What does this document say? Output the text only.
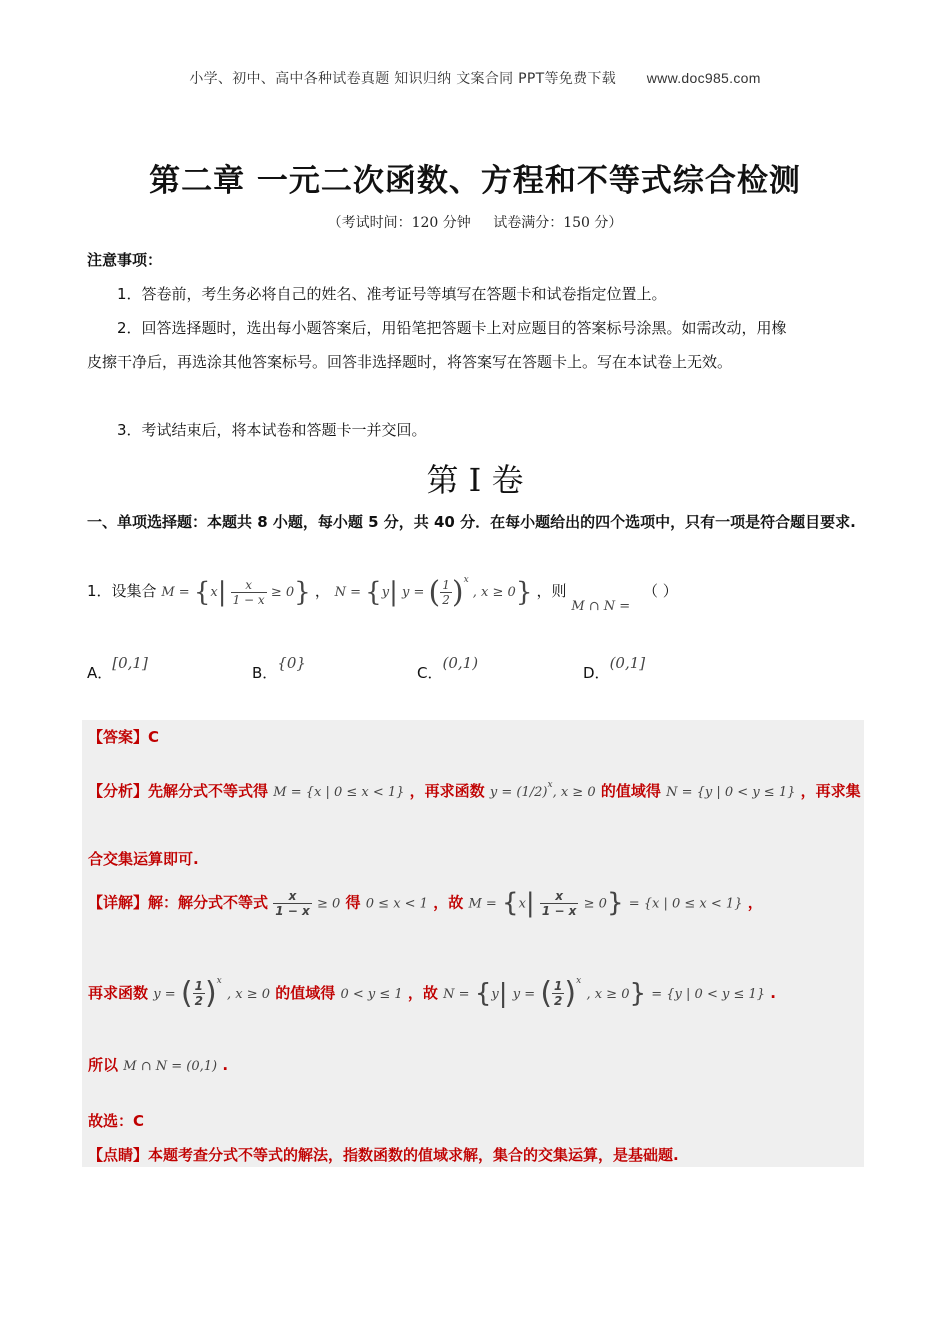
小学、初中、高中各种试卷真题 知识归纳 文案合同 PPT等免费下载 www.doc985.com
第二章 一元二次函数、方程和不等式综合检测
（考试时间：120 分钟 试卷满分：150 分）
注意事项：
1．答卷前，考生务必将自己的姓名、准考证号等填写在答题卡和试卷指定位置上。
2．回答选择题时，选出每小题答案后，用铅笔把答题卡上对应题目的答案标号涂黑。如需改动，用橡皮擦干净后，再选涂其他答案标号。回答非选择题时，将答案写在答题卡上。写在本试卷上无效。
3．考试结束后，将本试卷和答题卡一并交回。
第 I 卷
一、单项选择题：本题共 8 小题，每小题 5 分，共 40 分．在每小题给出的四个选项中，只有一项是符合题目要求.
1．设集合 $M = \{x| \frac{x}{1 - x} \ge 0\}$ ， N = {y| y = ( $\frac{1}{2} )^x$ , x ≥ 0} ，则 M ∩ N = （ ）
A．[0,1]
B．{0}
C．(0,1)
D．(0,1]
【答案】C
【分析】先解分式不等式得 M = {x | 0 ≤ x < 1} ，再求函数 $y = (1/2)^x$, x ≥ 0 的值域得 N = {y | 0 < y ≤ 1} ，再求集
合交集运算即可.
【详解】解：解分式不等式 $\frac{x}{1 - x} \ge 0$ 得 0 ≤ x < 1 ，故 $M = \{x| \frac{x}{1 - x} \ge 0\} = \{x$ | 0 ≤ x < 1} ，
再求函数 y = ( $\frac{1}{2} )^x$ , x ≥ 0 的值域得 0 < y ≤ 1 ，故 N = {y| y = ( $\frac{1}{2} )^x$ , x ≥ 0} = {y | 0 < y ≤ 1} .
所以 M ∩ N = (0,1) .
故选：C
【点睛】本题考查分式不等式的解法，指数函数的值域求解，集合的交集运算，是基础题.
